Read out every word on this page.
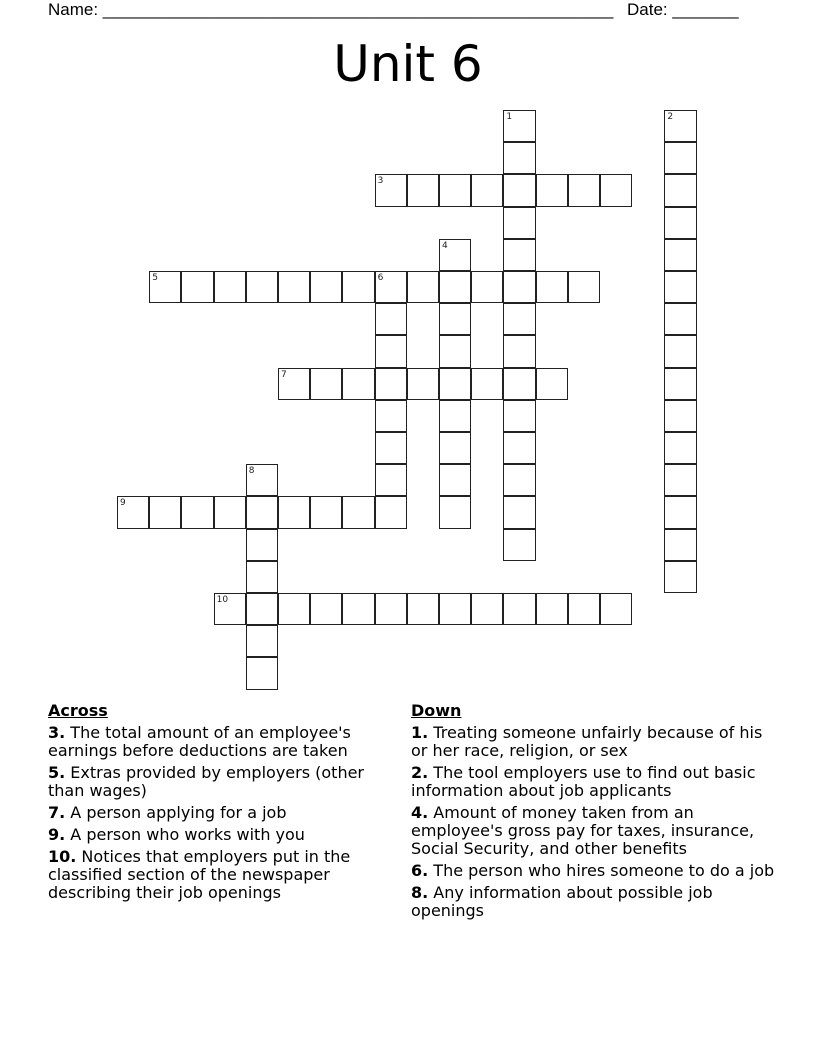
Name: ______________________________________________________ Date: _______
Unit 6
1	2
3
4
5	6
7
8
9
10
Across
3. The total amount of an employee's earnings before deductions are taken
5. Extras provided by employers (other than wages)
7. A person applying for a job
9. A person who works with you
10. Notices that employers put in the classified section of the newspaper describing their job openings
Down
1. Treating someone unfairly because of his or her race, religion, or sex
2. The tool employers use to find out basic information about job applicants
4. Amount of money taken from an employee's gross pay for taxes, insurance, Social Security, and other benefits
6. The person who hires someone to do a job
8. Any information about possible job openings
